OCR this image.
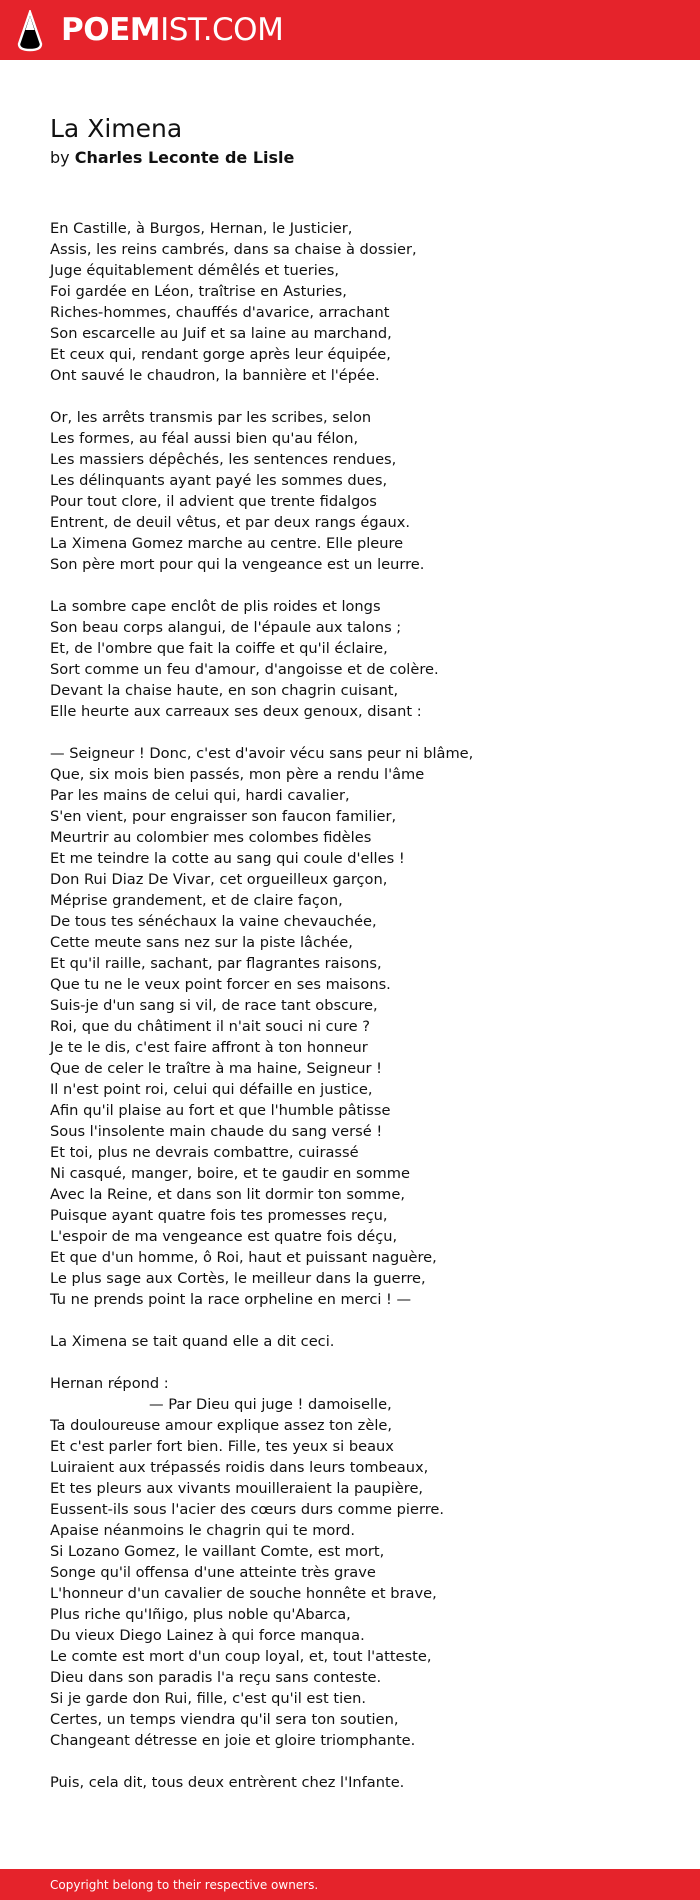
POEMIST.COM
La Ximena
by Charles Leconte de Lisle
En Castille, à Burgos, Hernan, le Justicier,
Assis, les reins cambrés, dans sa chaise à dossier,
Juge équitablement démêlés et tueries,
Foi gardée en Léon, traîtrise en Asturies,
Riches-hommes, chauffés d'avarice, arrachant
Son escarcelle au Juif et sa laine au marchand,
Et ceux qui, rendant gorge après leur équipée,
Ont sauvé le chaudron, la bannière et l'épée.
Or, les arrêts transmis par les scribes, selon
Les formes, au féal aussi bien qu'au félon,
Les massiers dépêchés, les sentences rendues,
Les délinquants ayant payé les sommes dues,
Pour tout clore, il advient que trente fidalgos
Entrent, de deuil vêtus, et par deux rangs égaux.
La Ximena Gomez marche au centre. Elle pleure
Son père mort pour qui la vengeance est un leurre.
La sombre cape enclôt de plis roides et longs
Son beau corps alangui, de l'épaule aux talons ;
Et, de l'ombre que fait la coiffe et qu'il éclaire,
Sort comme un feu d'amour, d'angoisse et de colère.
Devant la chaise haute, en son chagrin cuisant,
Elle heurte aux carreaux ses deux genoux, disant :
— Seigneur ! Donc, c'est d'avoir vécu sans peur ni blâme,
Que, six mois bien passés, mon père a rendu l'âme
Par les mains de celui qui, hardi cavalier,
S'en vient, pour engraisser son faucon familier,
Meurtrir au colombier mes colombes fidèles
Et me teindre la cotte au sang qui coule d'elles !
Don Rui Diaz De Vivar, cet orgueilleux garçon,
Méprise grandement, et de claire façon,
De tous tes sénéchaux la vaine chevauchée,
Cette meute sans nez sur la piste lâchée,
Et qu'il raille, sachant, par flagrantes raisons,
Que tu ne le veux point forcer en ses maisons.
Suis-je d'un sang si vil, de race tant obscure,
Roi, que du châtiment il n'ait souci ni cure ?
Je te le dis, c'est faire affront à ton honneur
Que de celer le traître à ma haine, Seigneur !
Il n'est point roi, celui qui défaille en justice,
Afin qu'il plaise au fort et que l'humble pâtisse
Sous l'insolente main chaude du sang versé !
Et toi, plus ne devrais combattre, cuirassé
Ni casqué, manger, boire, et te gaudir en somme
Avec la Reine, et dans son lit dormir ton somme,
Puisque ayant quatre fois tes promesses reçu,
L'espoir de ma vengeance est quatre fois déçu,
Et que d'un homme, ô Roi, haut et puissant naguère,
Le plus sage aux Cortès, le meilleur dans la guerre,
Tu ne prends point la race orpheline en merci ! —
La Ximena se tait quand elle a dit ceci.
Hernan répond :
— Par Dieu qui juge ! damoiselle,
Ta douloureuse amour explique assez ton zèle,
Et c'est parler fort bien. Fille, tes yeux si beaux
Luiraient aux trépassés roidis dans leurs tombeaux,
Et tes pleurs aux vivants mouilleraient la paupière,
Eussent-ils sous l'acier des cœurs durs comme pierre.
Apaise néanmoins le chagrin qui te mord.
Si Lozano Gomez, le vaillant Comte, est mort,
Songe qu'il offensa d'une atteinte très grave
L'honneur d'un cavalier de souche honnête et brave,
Plus riche qu'Iñigo, plus noble qu'Abarca,
Du vieux Diego Lainez à qui force manqua.
Le comte est mort d'un coup loyal, et, tout l'atteste,
Dieu dans son paradis l'a reçu sans conteste.
Si je garde don Rui, fille, c'est qu'il est tien.
Certes, un temps viendra qu'il sera ton soutien,
Changeant détresse en joie et gloire triomphante.
Puis, cela dit, tous deux entrèrent chez l'Infante.
Copyright belong to their respective owners.
